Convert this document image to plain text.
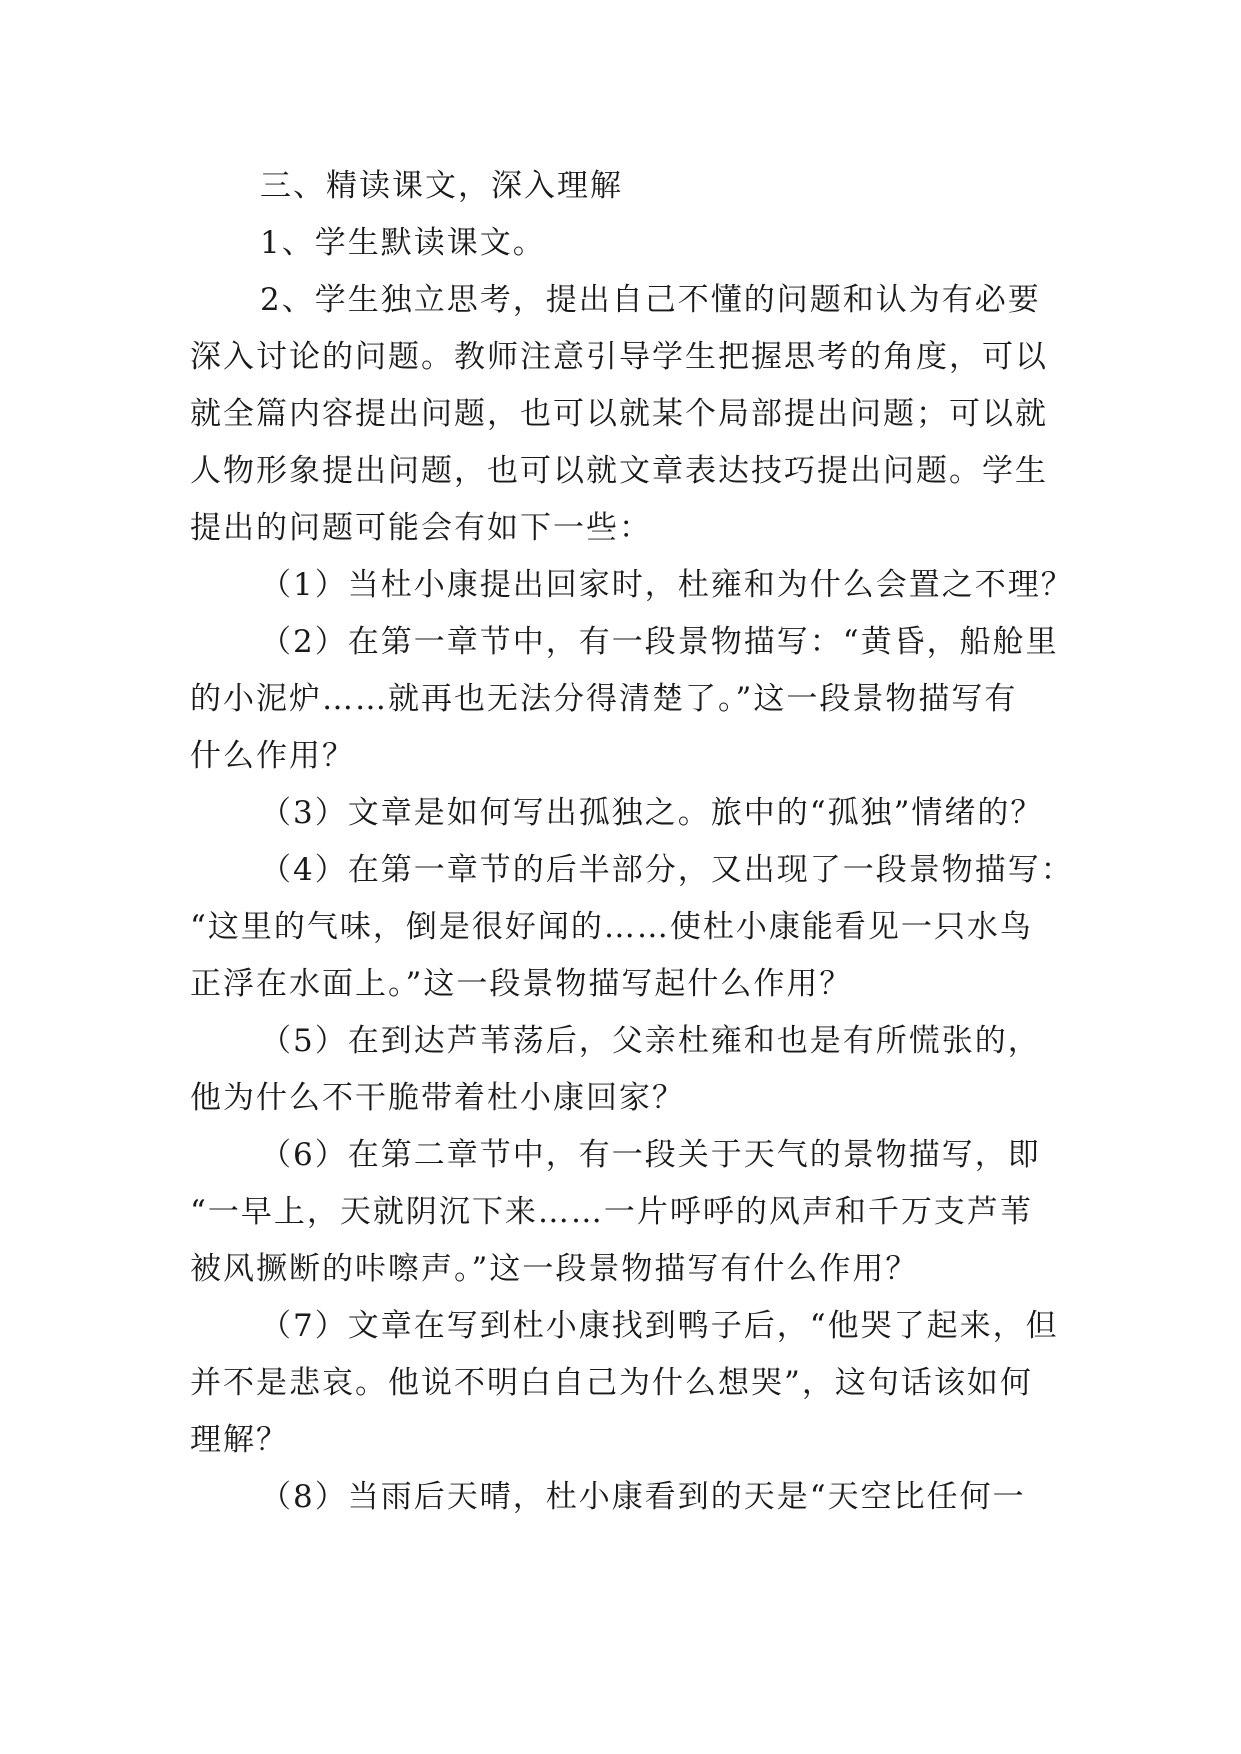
三、精读课文，深入理解
1、学生默读课文。
2、学生独立思考，提出自己不懂的问题和认为有必要
深入讨论的问题。教师注意引导学生把握思考的角度，可以
就全篇内容提出问题，也可以就某个局部提出问题；可以就
人物形象提出问题，也可以就文章表达技巧提出问题。学生
提出的问题可能会有如下一些：
（1）当杜小康提出回家时，杜雍和为什么会置之不理？
（2）在第一章节中，有一段景物描写：“黄昏，船舱里
的小泥炉……就再也无法分得清楚了。”这一段景物描写有
什么作用？
（3）文章是如何写出孤独之。旅中的“孤独”情绪的？
（4）在第一章节的后半部分，又出现了一段景物描写：
“这里的气味，倒是很好闻的……使杜小康能看见一只水鸟
正浮在水面上。”这一段景物描写起什么作用？
（5）在到达芦苇荡后，父亲杜雍和也是有所慌张的，
他为什么不干脆带着杜小康回家？
（6）在第二章节中，有一段关于天气的景物描写，即
“一早上，天就阴沉下来……一片呼呼的风声和千万支芦苇
被风撅断的咔嚓声。”这一段景物描写有什么作用？
（7）文章在写到杜小康找到鸭子后，“他哭了起来，但
并不是悲哀。他说不明白自己为什么想哭”，这句话该如何
理解？
（8）当雨后天晴，杜小康看到的天是“天空比任何一
